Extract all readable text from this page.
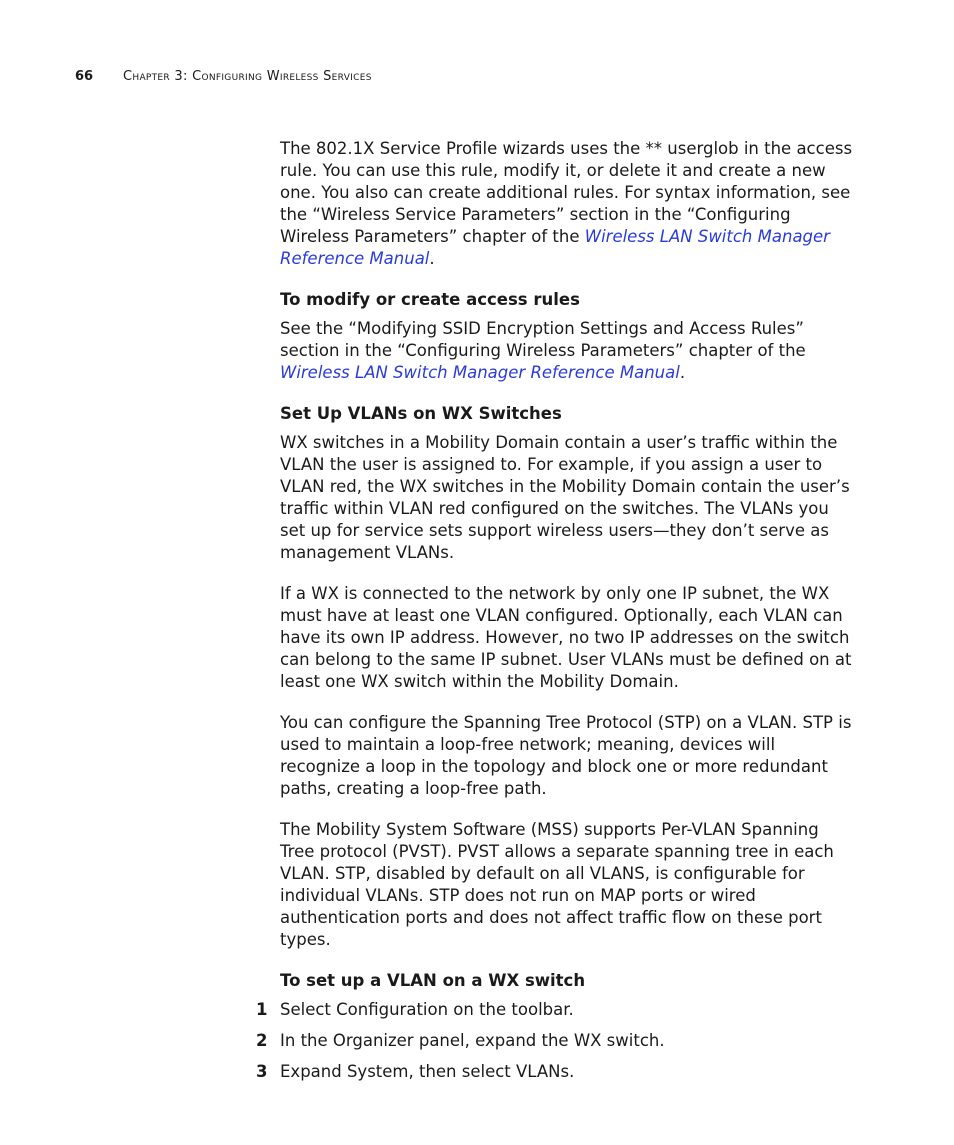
66 Chapter 3: Configuring Wireless Services

The 802.1X Service Profile wizards uses the ** userglob in the access rule. You can use this rule, modify it, or delete it and create a new one. You also can create additional rules. For syntax information, see the “Wireless Service Parameters” section in the “Configuring Wireless Parameters” chapter of the Wireless LAN Switch Manager Reference Manual.

To modify or create access rules

See the “Modifying SSID Encryption Settings and Access Rules” section in the “Configuring Wireless Parameters” chapter of the Wireless LAN Switch Manager Reference Manual.

Set Up VLANs on WX Switches

WX switches in a Mobility Domain contain a user’s traffic within the VLAN the user is assigned to. For example, if you assign a user to VLAN red, the WX switches in the Mobility Domain contain the user’s traffic within VLAN red configured on the switches. The VLANs you set up for service sets support wireless users—they don’t serve as management VLANs.

If a WX is connected to the network by only one IP subnet, the WX must have at least one VLAN configured. Optionally, each VLAN can have its own IP address. However, no two IP addresses on the switch can belong to the same IP subnet. User VLANs must be defined on at least one WX switch within the Mobility Domain.

You can configure the Spanning Tree Protocol (STP) on a VLAN. STP is used to maintain a loop-free network; meaning, devices will recognize a loop in the topology and block one or more redundant paths, creating a loop-free path.

The Mobility System Software (MSS) supports Per-VLAN Spanning Tree protocol (PVST). PVST allows a separate spanning tree in each VLAN. STP, disabled by default on all VLANS, is configurable for individual VLANs. STP does not run on MAP ports or wired authentication ports and does not affect traffic flow on these port types.

To set up a VLAN on a WX switch
1 Select Configuration on the toolbar.
2 In the Organizer panel, expand the WX switch.
3 Expand System, then select VLANs.
